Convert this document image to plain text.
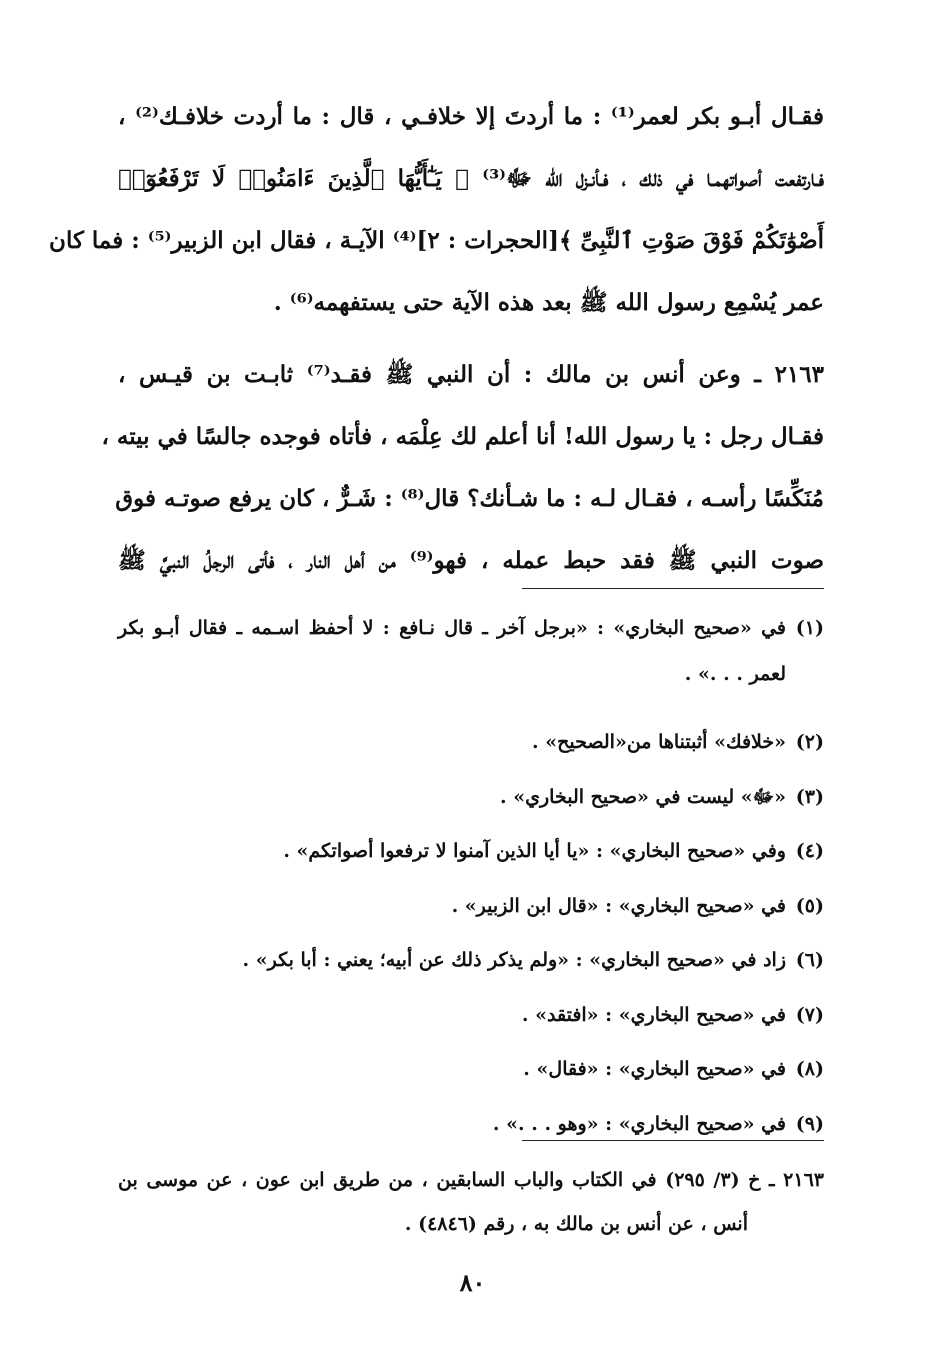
فقـال أبـو بكر لعمر⁽¹⁾ : ما أردتَ إلا خلافـي ، قال : ما أردت خلافـك⁽²⁾ ،
فـارتفعت أصواتهمـا في ذلك ، فـأنـزل الله ﷻ⁽³⁾ ﴿ يَـٰٓأَيُّهَا ٱلَّذِينَ ءَامَنُوا۟ لَا تَرْفَعُوٓا۟
أَصْوَٰتَكُمْ فَوْقَ صَوْتِ ٱلنَّبِىِّ ﴾[الحجرات : ٢]⁽⁴⁾ الآيـة ، فقال ابن الزبير⁽⁵⁾ : فما كان
عمر يُسْمِع رسول الله ﷺ بعد هذه الآية حتى يستفهمه⁽⁶⁾ .
٢١٦٣ ـ وعن أنس بن مالك : أن النبي ﷺ فقـد⁽⁷⁾ ثابـت بن قيـس ،
فقـال رجل : يا رسول الله! أنا أعلم لك عِلْمَه ، فأتاه فوجده جالسًا في بيته ،
مُنَكِّسًا رأسـه ، فقـال لـه : ما شـأنك؟ قال⁽⁸⁾ : شَـرٌّ ، كان يرفع صوتـه فوق
صوت النبي ﷺ فقد حبط عمله ، فهو⁽⁹⁾ من أهل النار ، فأتى الرجلُ النبيَّ ﷺ
(١)
في «صحيح البخاري» : «برجل آخر ـ قال نـافع : لا أحفظ اسـمه ـ فقال أبـو بكر
لعمر . . .» .
(٢)
«خلافك» أثبتناها من«الصحيح» .
(٣)
«ﷻ» ليست في «صحيح البخاري» .
(٤)
وفي «صحيح البخاري» : «يا أيا الذين آمنوا لا ترفعوا أصواتكم» .
(٥)
في «صحيح البخاري» : «قال ابن الزبير» .
(٦)
زاد في «صحيح البخاري» : «ولم يذكر ذلك عن أبيه؛ يعني : أبا بكر» .
(٧)
في «صحيح البخاري» : «افتقد» .
(٨)
في «صحيح البخاري» : «فقال» .
(٩)
في «صحيح البخاري» : «وهو . . .» .
٢١٦٣ ـ خ (٣/ ٢٩٥) في الكتاب والباب السابقين ، من طريق ابن عون ، عن موسى بن
أنس ، عن أنس بن مالك به ، رقم (٤٨٤٦) .
٨٠
